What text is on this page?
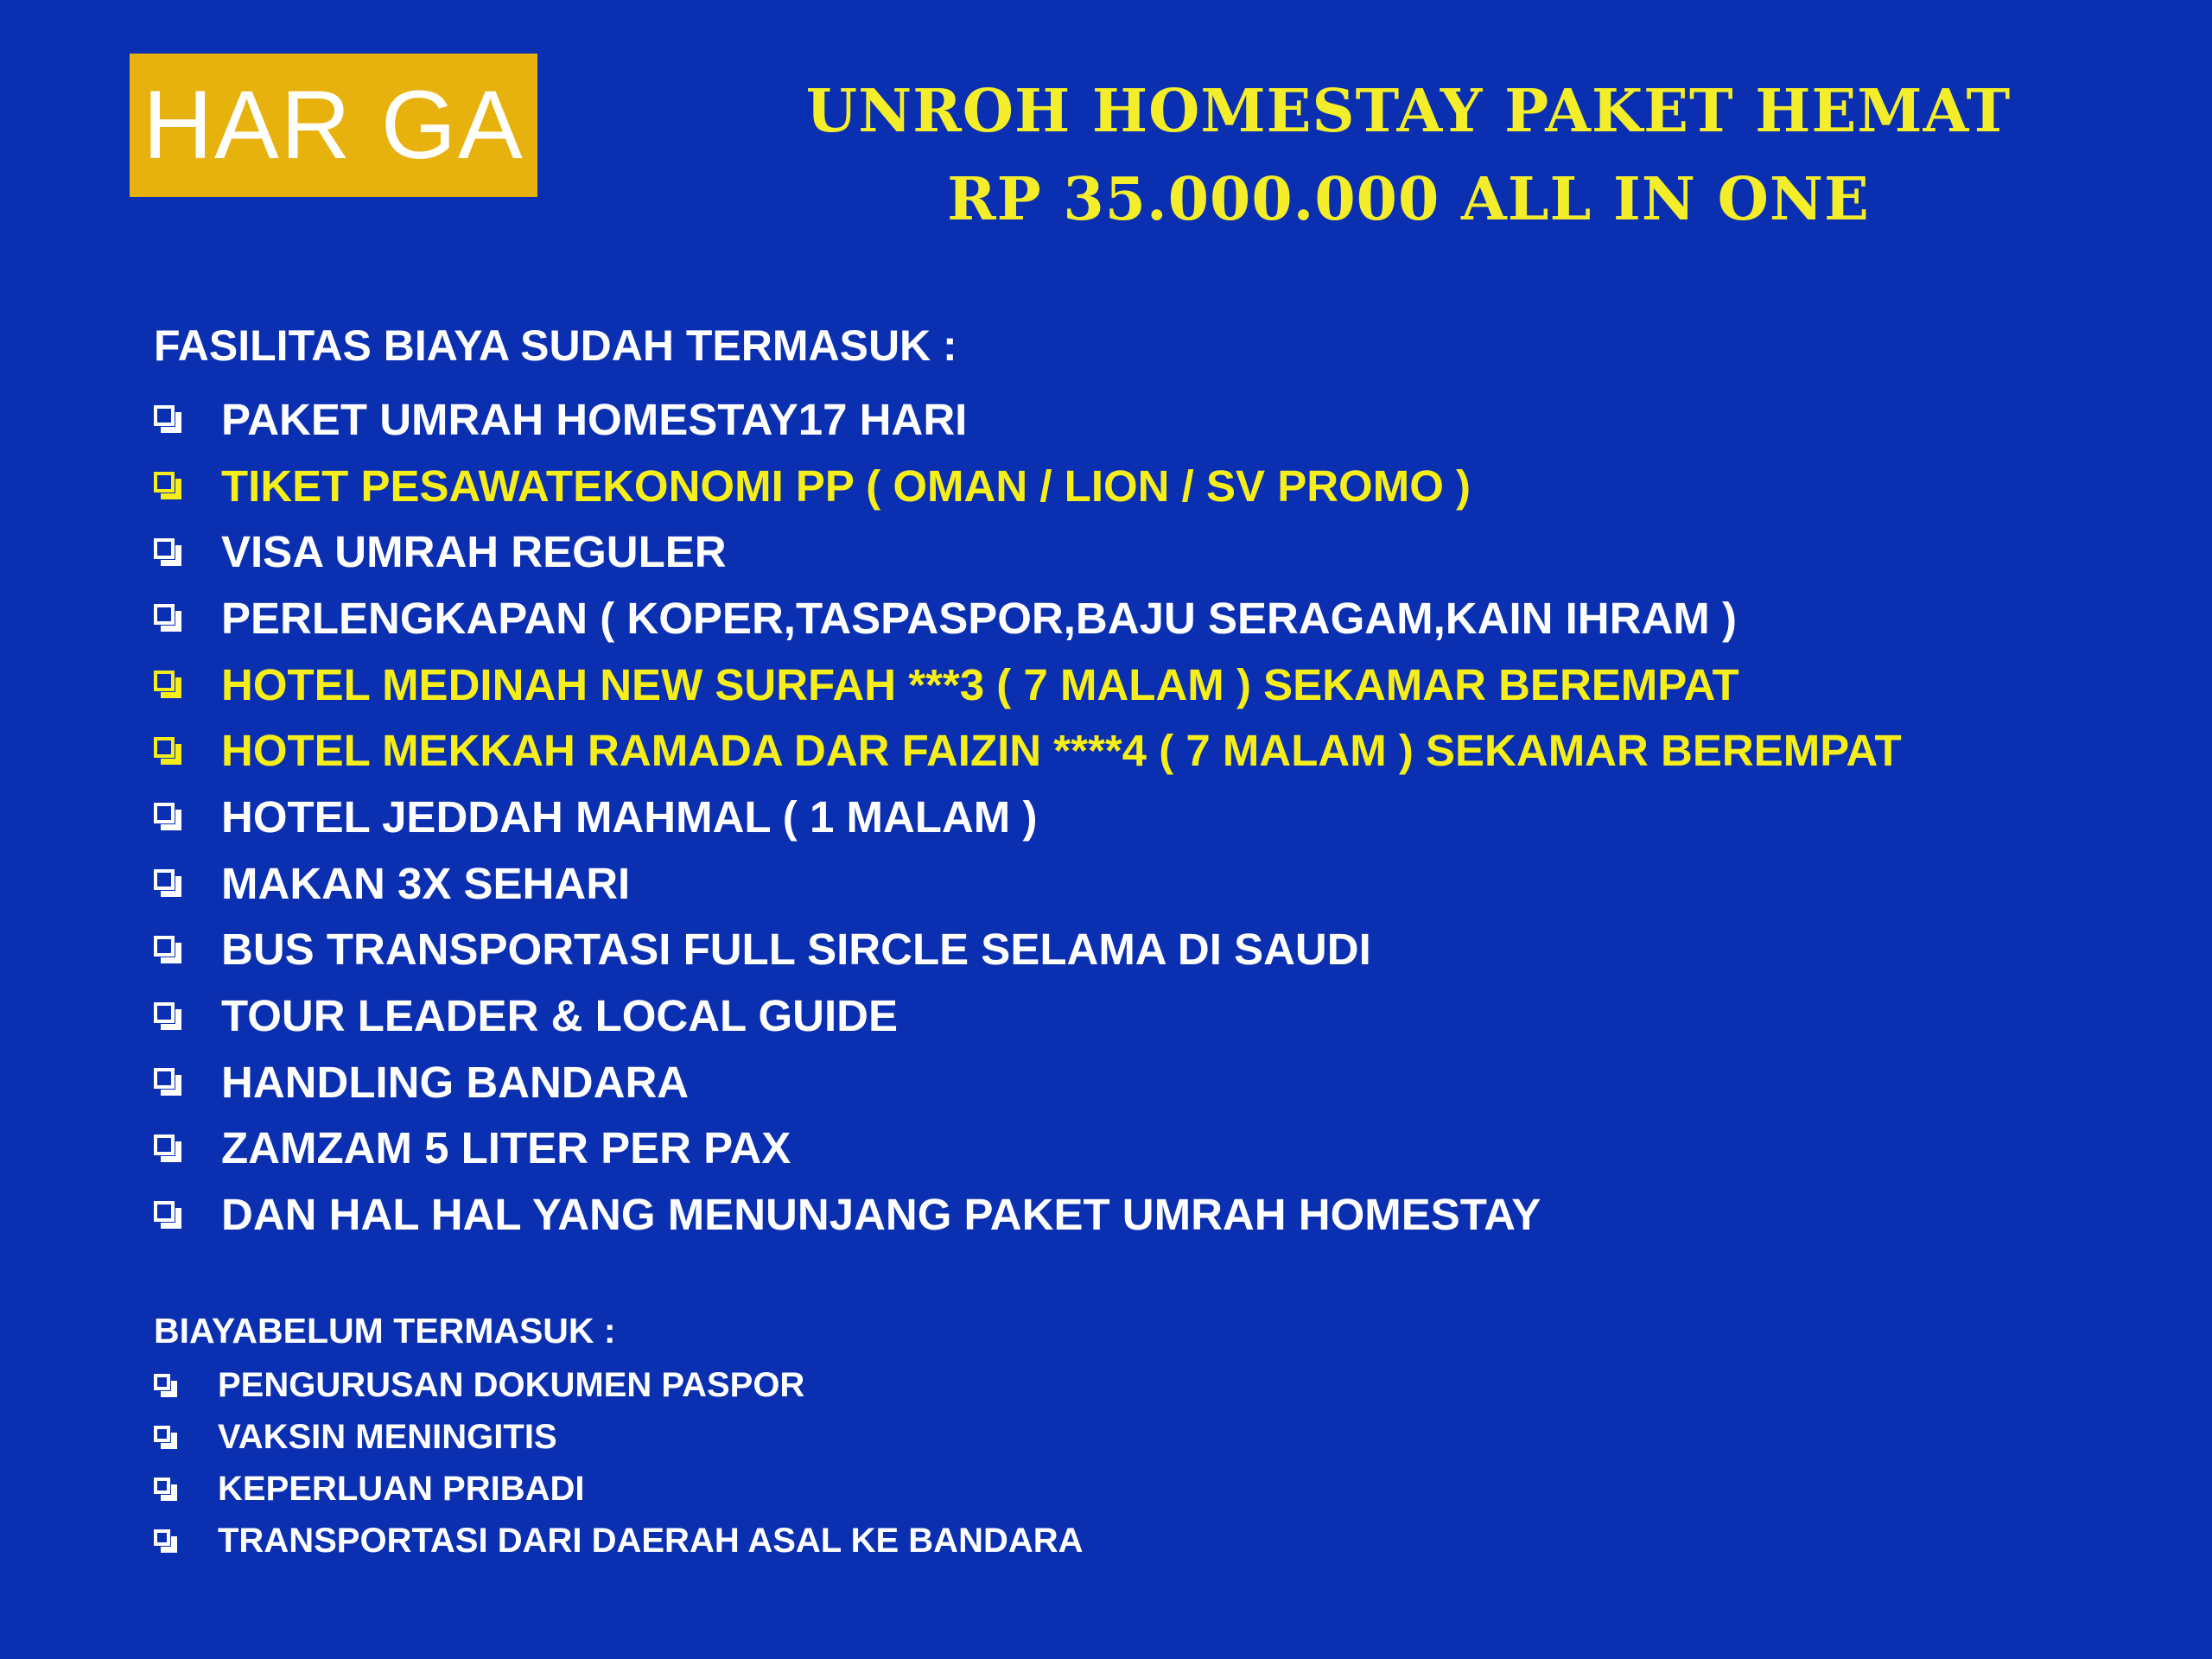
HAR GA	UNROH HOMESTAY PAKET HEMAT
RP 35.000.000 ALL IN ONE
FASILITAS BIAYA SUDAH TERMASUK :
PAKET UMRAH HOMESTAY17 HARI
TIKET PESAWATEKONOMI PP ( OMAN / LION / SV PROMO )
VISA UMRAH REGULER
PERLENGKAPAN ( KOPER,TASPASPOR,BAJU SERAGAM,KAIN IHRAM )
HOTEL MEDINAH NEW SURFAH ***3 ( 7 MALAM ) SEKAMAR BEREMPAT
HOTEL MEKKAH RAMADA DAR FAIZIN ****4 ( 7 MALAM ) SEKAMAR BEREMPAT
HOTEL JEDDAH MAHMAL ( 1 MALAM )
MAKAN 3X SEHARI
BUS TRANSPORTASI FULL SIRCLE SELAMA DI SAUDI
TOUR LEADER & LOCAL GUIDE
HANDLING BANDARA
ZAMZAM 5 LITER PER PAX
DAN HAL HAL YANG MENUNJANG PAKET UMRAH HOMESTAY
BIAYABELUM TERMASUK :
PENGURUSAN DOKUMEN PASPOR
VAKSIN MENINGITIS
KEPERLUAN PRIBADI
TRANSPORTASI DARI DAERAH ASAL KE BANDARA
